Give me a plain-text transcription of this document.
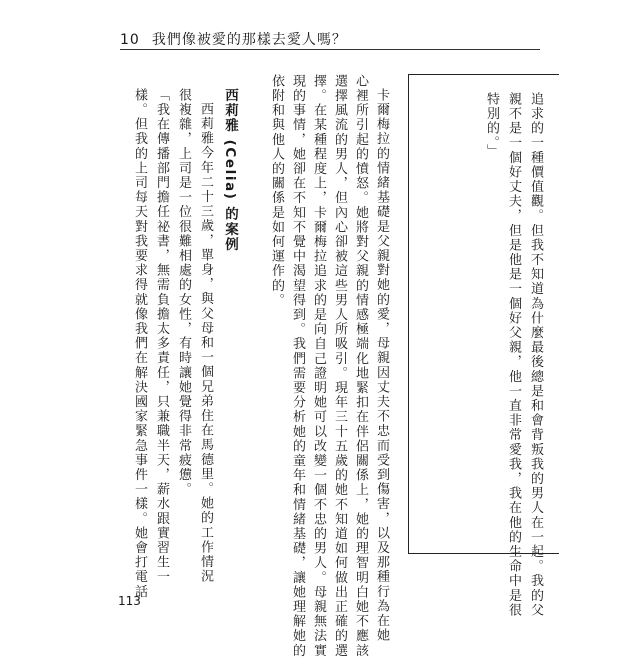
10 我們像被愛的那樣去愛人嗎？
追求的一種價值觀。但我不知道為什麼最後總是和會背叛我的男人在一起。我的父
親不是一個好丈夫，但是他是一個好父親，他一直非常愛我，我在他的生命中是很
特別的。」
卡爾梅拉的情緒基礎是父親對她的愛，母親因丈夫不忠而受到傷害，以及那種行為在她
心裡所引起的憤怒。她將對父親的情感極端化地緊扣在伴侶關係上，她的理智明白她不應該
選擇風流的男人，但內心卻被這些男人所吸引。現年三十五歲的她不知道如何做出正確的選
擇。在某種程度上，卡爾梅拉追求的是向自己證明她可以改變一個不忠的男人。母親無法實
現的事情，她卻在不知不覺中渴望得到。我們需要分析她的童年和情緒基礎，讓她理解她的
依附和與他人的關係是如何運作的。
西莉雅 (Celia) 的案例
西莉雅今年二十三歲，單身，與父母和一個兄弟住在馬德里。她的工作情況
很複雜，上司是一位很難相處的女性，有時讓她覺得非常疲憊。
「我在傳播部門擔任祕書，無需負擔太多責任，只兼職半天，薪水跟實習生一
樣。但我的上司每天對我要求得就像我們在解決國家緊急事件一樣。她會打電話
113
